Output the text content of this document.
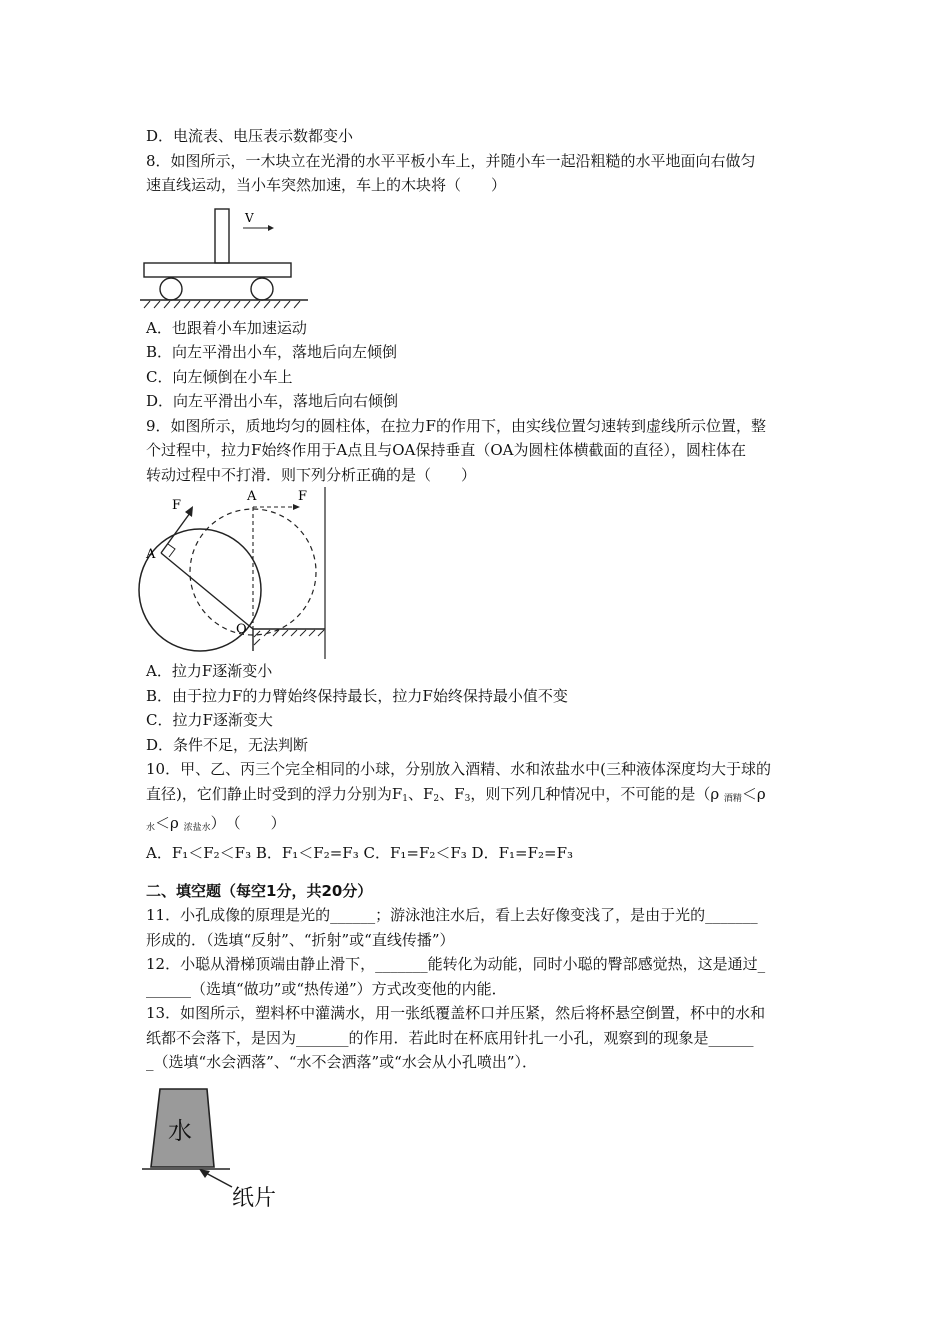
D．电流表、电压表示数都变小
8．如图所示，一木块立在光滑的水平平板小车上，并随小车一起沿粗糙的水平地面向右做匀
速直线运动，当小车突然加速，车上的木块将（　　）
V
A．也跟着小车加速运动
B．向左平滑出小车，落地后向左倾倒
C．向左倾倒在小车上
D．向左平滑出小车，落地后向右倾倒
9．如图所示，质地均匀的圆柱体，在拉力F的作用下，由实线位置匀速转到虚线所示位置，整
个过程中，拉力F始终作用于A点且与OA保持垂直（OA为圆柱体横截面的直径），圆柱体在
转动过程中不打滑．则下列分析正确的是（　　）
F
A
O
A	F
A．拉力F逐渐变小
B．由于拉力F的力臂始终保持最长，拉力F始终保持最小值不变
C．拉力F逐渐变大
D．条件不足，无法判断
10．甲、乙、丙三个完全相同的小球，分别放入酒精、水和浓盐水中(三种液体深度均大于球的
直径)，它们静止时受到的浮力分别为$F_1$、$F_2$、$F_3$，则下列几种情况中，不可能的是（ρ $_{酒精}$＜ρ
$_水$＜ρ $_{浓盐水}$）　（　　）
A．F₁＜F₂＜F₃ B．F₁＜F₂=F₃ C．F₁=F₂＜F₃ D．F₁=F₂=F₃
二、填空题（每空1分，共20分）
11．小孔成像的原理是光的______；游泳池注水后，看上去好像变浅了，是由于光的_______
形成的．（选填“反射”、“折射”或“直线传播”）
12．小聪从滑梯顶端由静止滑下，_______能转化为动能，同时小聪的臀部感觉热，这是通过_
______（选填“做功”或“热传递”）方式改变他的内能．
13．如图所示，塑料杯中灌满水，用一张纸覆盖杯口并压紧，然后将杯悬空倒置，杯中的水和
纸都不会落下，是因为_______的作用．若此时在杯底用针扎一小孔，观察到的现象是______
_（选填“水会洒落”、“水不会洒落”或“水会从小孔喷出”）．
水
纸片
